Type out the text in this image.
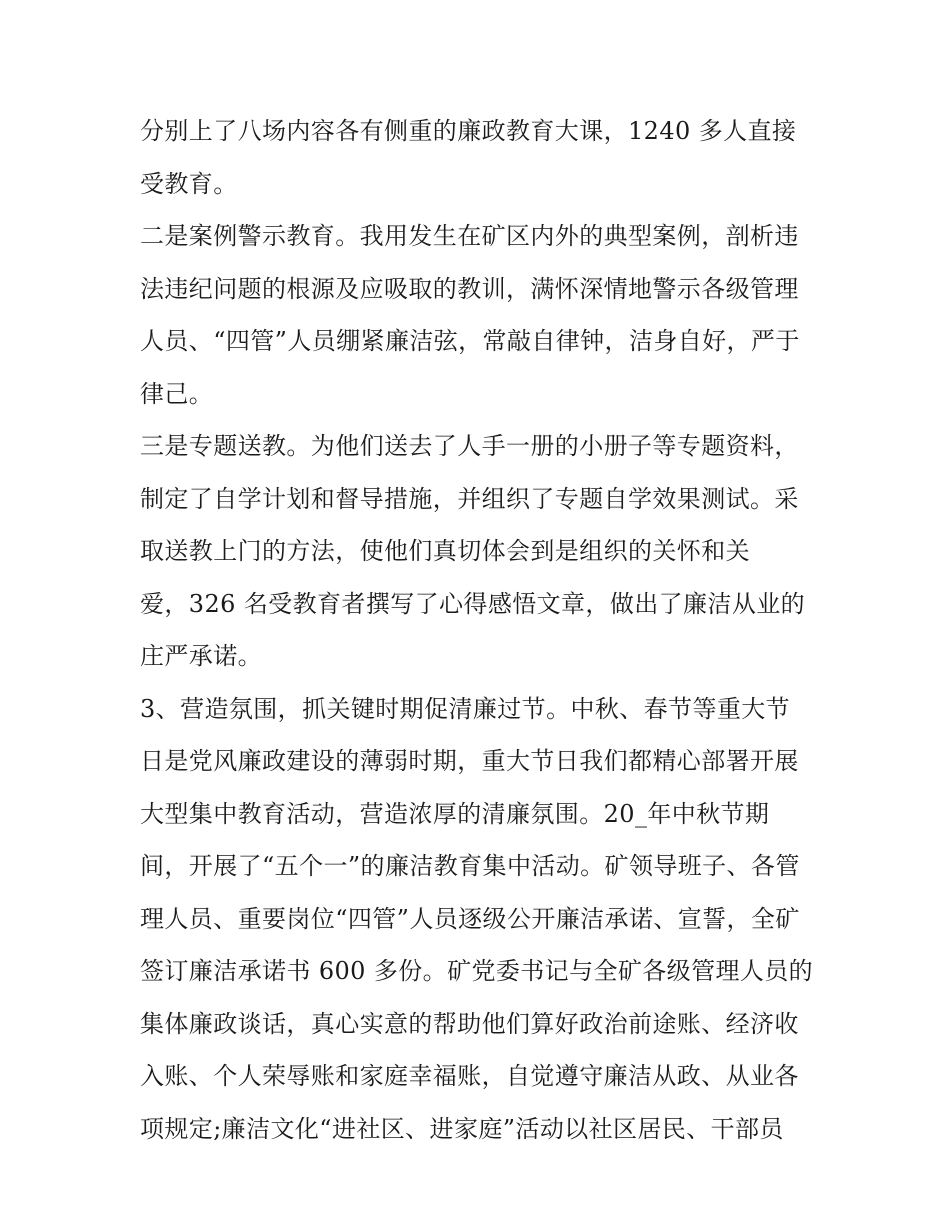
分别上了八场内容各有侧重的廉政教育大课，1240 多人直接
受教育。
二是案例警示教育。我用发生在矿区内外的典型案例，剖析违
法违纪问题的根源及应吸取的教训，满怀深情地警示各级管理
人员、“四管”人员绷紧廉洁弦，常敲自律钟，洁身自好，严于
律己。
三是专题送教。为他们送去了人手一册的小册子等专题资料，
制定了自学计划和督导措施，并组织了专题自学效果测试。采
取送教上门的方法，使他们真切体会到是组织的关怀和关
爱，326 名受教育者撰写了心得感悟文章，做出了廉洁从业的
庄严承诺。
3、营造氛围，抓关键时期促清廉过节。中秋、春节等重大节
日是党风廉政建设的薄弱时期，重大节日我们都精心部署开展
大型集中教育活动，营造浓厚的清廉氛围。20_年中秋节期
间，开展了“五个一”的廉洁教育集中活动。矿领导班子、各管
理人员、重要岗位“四管”人员逐级公开廉洁承诺、宣誓，全矿
签订廉洁承诺书 600 多份。矿党委书记与全矿各级管理人员的
集体廉政谈话，真心实意的帮助他们算好政治前途账、经济收
入账、个人荣辱账和家庭幸福账，自觉遵守廉洁从政、从业各
项规定;廉洁文化“进社区、进家庭”活动以社区居民、干部员
